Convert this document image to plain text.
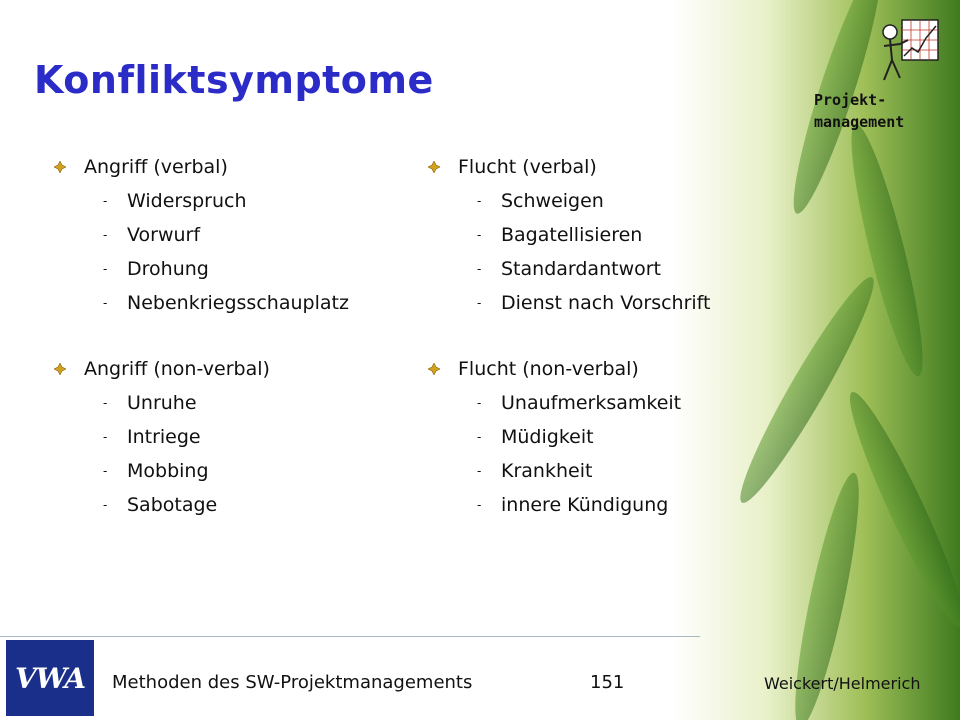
Konfliktsymptome	Projekt-
management
Angriff (verbal)
-	Widerspruch
-	Vorwurf
-	Drohung
-	Nebenkriegsschauplatz
Angriff (non-verbal)
-	Unruhe
-	Intriege
-	Mobbing
-	Sabotage
Flucht (verbal)
-	Schweigen
-	Bagatellisieren
-	Standardantwort
-	Dienst nach Vorschrift
Flucht (non-verbal)
-	Unaufmerksamkeit
-	Müdigkeit
-	Krankheit
-	innere Kündigung
VWA Methoden des SW-Projektmanagements	151	Weickert/Helmerich
